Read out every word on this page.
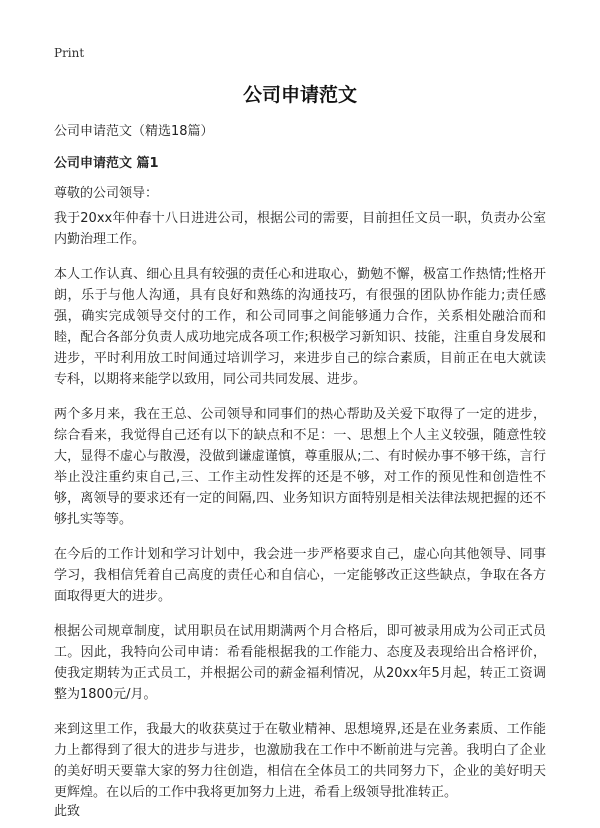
Print
公司申请范文
公司申请范文（精选18篇）
公司申请范文 篇1
尊敬的公司领导：

我于20xx年仲春十八日进进公司，根据公司的需要，目前担任文员一职，负责办公室内勤治理工作。

本人工作认真、细心且具有较强的责任心和进取心，勤勉不懈，极富工作热情;性格开朗，乐于与他人沟通，具有良好和熟练的沟通技巧，有很强的团队协作能力;责任感强，确实完成领导交付的工作，和公司同事之间能够通力合作，关系相处融洽而和睦，配合各部分负责人成功地完成各项工作;积极学习新知识、技能，注重自身发展和进步，平时利用放工时间通过培训学习，来进步自己的综合素质，目前正在电大就读专科，以期将来能学以致用，同公司共同发展、进步。

两个多月来，我在王总、公司领导和同事们的热心帮助及关爱下取得了一定的进步，综合看来，我觉得自己还有以下的缺点和不足：一、思想上个人主义较强，随意性较大，显得不虚心与散漫，没做到谦虚谨慎，尊重服从;二、有时候办事不够干练，言行举止没注重约束自己,三、工作主动性发挥的还是不够，对工作的预见性和创造性不够，离领导的要求还有一定的间隔,四、业务知识方面特别是相关法律法规把握的还不够扎实等等。

在今后的工作计划和学习计划中，我会进一步严格要求自己，虚心向其他领导、同事学习，我相信凭着自己高度的责任心和自信心，一定能够改正这些缺点，争取在各方面取得更大的进步。

根据公司规章制度，试用职员在试用期满两个月合格后，即可被录用成为公司正式员工。因此，我特向公司申请：希看能根据我的工作能力、态度及表现给出合格评价，使我定期转为正式员工，并根据公司的薪金福利情况，从20xx年5月起，转正工资调整为1800元/月。

来到这里工作，我最大的收获莫过于在敬业精神、思想境界,还是在业务素质、工作能力上都得到了很大的进步与进步，也激励我在工作中不断前进与完善。我明白了企业的美好明天要靠大家的努力往创造，相信在全体员工的共同努力下，企业的美好明天更辉煌。在以后的工作中我将更加努力上进，希看上级领导批准转正。

此致
